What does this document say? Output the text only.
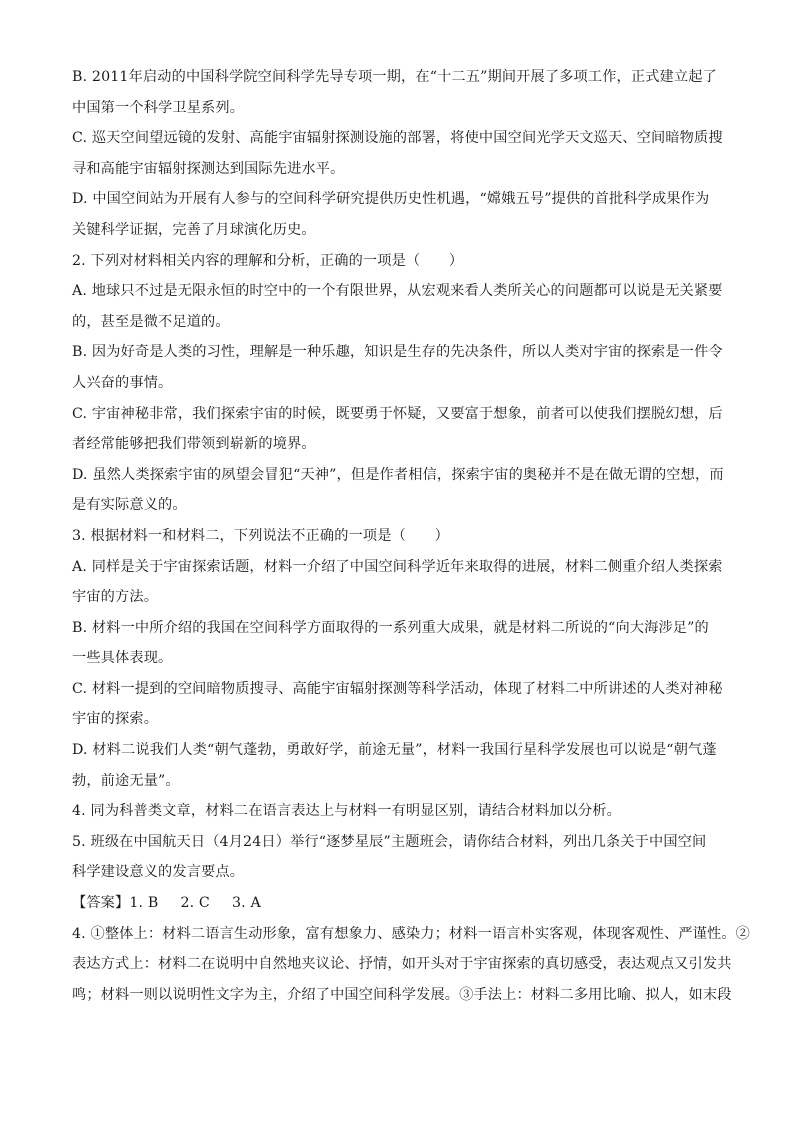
B. 2011年启动的中国科学院空间科学先导专项一期，在“十二五”期间开展了多项工作，正式建立起了
中国第一个科学卫星系列。
C. 巡天空间望远镜的发射、高能宇宙辐射探测设施的部署，将使中国空间光学天文巡天、空间暗物质搜
寻和高能宇宙辐射探测达到国际先进水平。
D. 中国空间站为开展有人参与的空间科学研究提供历史性机遇，“嫦娥五号”提供的首批科学成果作为
关键科学证据，完善了月球演化历史。
2. 下列对材料相关内容的理解和分析，正确的一项是（　　）
A. 地球只不过是无限永恒的时空中的一个有限世界，从宏观来看人类所关心的问题都可以说是无关紧要
的，甚至是微不足道的。
B. 因为好奇是人类的习性，理解是一种乐趣，知识是生存的先决条件，所以人类对宇宙的探索是一件令
人兴奋的事情。
C. 宇宙神秘非常，我们探索宇宙的时候，既要勇于怀疑，又要富于想象，前者可以使我们摆脱幻想，后
者经常能够把我们带领到崭新的境界。
D. 虽然人类探索宇宙的夙望会冒犯“天神”，但是作者相信，探索宇宙的奥秘并不是在做无谓的空想，而
是有实际意义的。
3. 根据材料一和材料二，下列说法不正确的一项是（　　）
A. 同样是关于宇宙探索话题，材料一介绍了中国空间科学近年来取得的进展，材料二侧重介绍人类探索
宇宙的方法。
B. 材料一中所介绍的我国在空间科学方面取得的一系列重大成果，就是材料二所说的“向大海涉足”的
一些具体表现。
C. 材料一提到的空间暗物质搜寻、高能宇宙辐射探测等科学活动，体现了材料二中所讲述的人类对神秘
宇宙的探索。
D. 材料二说我们人类“朝气蓬勃，勇敢好学，前途无量”，材料一我国行星科学发展也可以说是“朝气蓬
勃，前途无量”。
4. 同为科普类文章，材料二在语言表达上与材料一有明显区别，请结合材料加以分析。
5. 班级在中国航天日（4月24日）举行“逐梦星辰”主题班会，请你结合材料，列出几条关于中国空间
科学建设意义的发言要点。
【答案】1. B 2. C 3. A
4. ①整体上：材料二语言生动形象，富有想象力、感染力；材料一语言朴实客观，体现客观性、严谨性。②
表达方式上：材料二在说明中自然地夹议论、抒情，如开头对于宇宙探索的真切感受，表达观点又引发共
鸣；材料一则以说明性文字为主，介绍了中国空间科学发展。③手法上：材料二多用比喻、拟人，如末段
